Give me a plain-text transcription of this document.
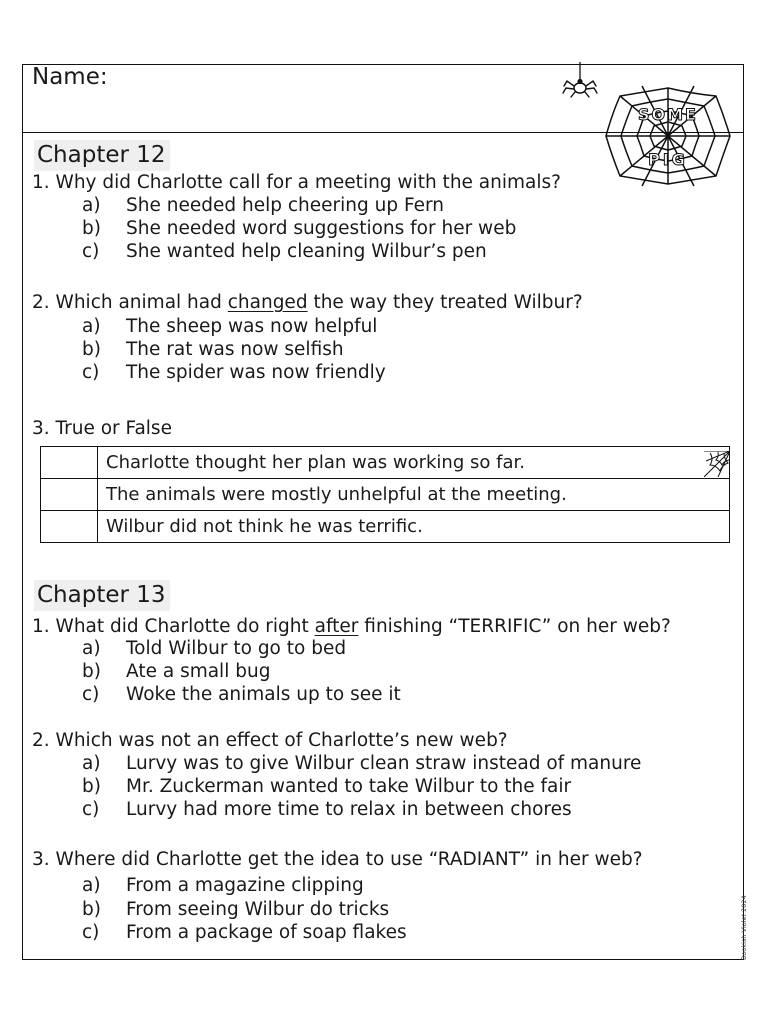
Name:
SOME
PIG
Chapter 12
1. Why did Charlotte call for a meeting with the animals?
a) She needed help cheering up Fern
b) She needed word suggestions for her web
c) She wanted help cleaning Wilbur’s pen
2. Which animal had changed the way they treated Wilbur?
a) The sheep was now helpful
b) The rat was now selfish
c) The spider was now friendly
3. True or False
	Charlotte thought her plan was working so far.
	The animals were mostly unhelpful at the meeting.
	Wilbur did not think he was terrific.
Chapter 13
1. What did Charlotte do right after finishing “TERRIFIC” on her web?
a) Told Wilbur to go to bed
b) Ate a small bug
c) Woke the animals up to see it
2. Which was not an effect of Charlotte’s new web?
a) Lurvy was to give Wilbur clean straw instead of manure
b) Mr. Zuckerman wanted to take Wilbur to the fair
c) Lurvy had more time to relax in between chores
3. Where did Charlotte get the idea to use “RADIANT” in her web?
a) From a magazine clipping
b) From seeing Wilbur do tricks
c) From a package of soap flakes	Bookish Violet 2024
